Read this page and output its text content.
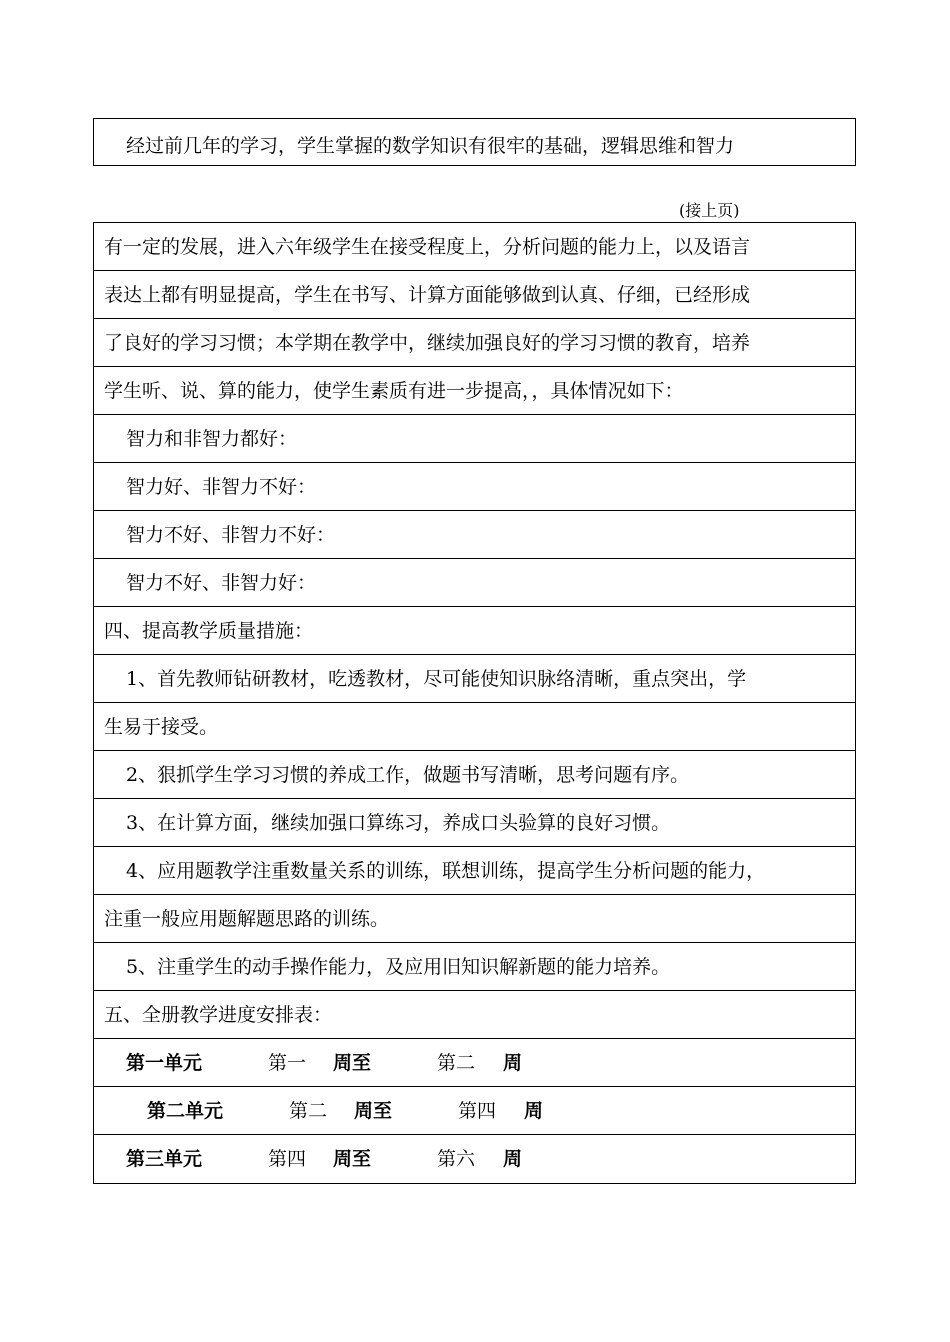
经过前几年的学习，学生掌握的数学知识有很牢的基础，逻辑思维和智力
(接上页)
有一定的发展，进入六年级学生在接受程度上，分析问题的能力上，以及语言
表达上都有明显提高，学生在书写、计算方面能够做到认真、仔细，已经形成
了良好的学习习惯；本学期在教学中，继续加强良好的学习习惯的教育，培养
学生听、说、算的能力，使学生素质有进一步提高，，具体情况如下：
智力和非智力都好：
智力好、非智力不好：
智力不好、非智力不好：
智力不好、非智力好：
四、提高教学质量措施：
1、首先教师钻研教材，吃透教材，尽可能使知识脉络清晰，重点突出，学
生易于接受。
2、狠抓学生学习习惯的养成工作，做题书写清晰，思考问题有序。
3、在计算方面，继续加强口算练习，养成口头验算的良好习惯。
4、应用题教学注重数量关系的训练，联想训练，提高学生分析问题的能力，
注重一般应用题解题思路的训练。
5、注重学生的动手操作能力，及应用旧知识解新题的能力培养。
五、全册教学进度安排表：
第一单元	第一 周至	第二 周
第二单元	第二 周至	第四 周
第三单元	第四 周至	第六 周
